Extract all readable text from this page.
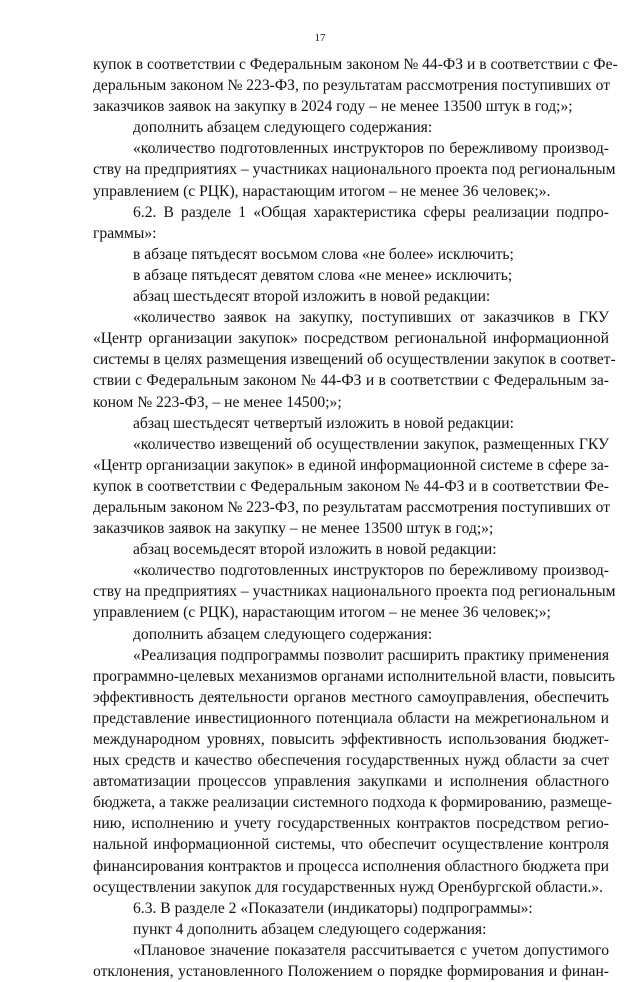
17
купок в соответствии с Федеральным законом № 44-ФЗ и в соответствии с Фе-
деральным законом № 223-ФЗ, по результатам рассмотрения поступивших от
заказчиков заявок на закупку в 2024 году – не менее 13500 штук в год;»;
дополнить абзацем следующего содержания:
«количество подготовленных инструкторов по бережливому производ-
ству на предприятиях – участниках национального проекта под региональным
управлением (с РЦК), нарастающим итогом – не менее 36 человек;».
6.2. В разделе 1 «Общая характеристика сферы реализации подпро-
граммы»:
в абзаце пятьдесят восьмом слова «не более» исключить;
в абзаце пятьдесят девятом слова «не менее» исключить;
абзац шестьдесят второй изложить в новой редакции:
«количество заявок на закупку, поступивших от заказчиков в ГКУ
«Центр организации закупок» посредством региональной информационной
системы в целях размещения извещений об осуществлении закупок в соответ-
ствии с Федеральным законом № 44-ФЗ и в соответствии с Федеральным за-
коном № 223-ФЗ, – не менее 14500;»;
абзац шестьдесят четвертый изложить в новой редакции:
«количество извещений об осуществлении закупок, размещенных ГКУ
«Центр организации закупок» в единой информационной системе в сфере за-
купок в соответствии с Федеральным законом № 44-ФЗ и в соответствии Фе-
деральным законом № 223-ФЗ, по результатам рассмотрения поступивших от
заказчиков заявок на закупку – не менее 13500 штук в год;»;
абзац восемьдесят второй изложить в новой редакции:
«количество подготовленных инструкторов по бережливому производ-
ству на предприятиях – участниках национального проекта под региональным
управлением (с РЦК), нарастающим итогом – не менее 36 человек;»;
дополнить абзацем следующего содержания:
«Реализация подпрограммы позволит расширить практику применения
программно-целевых механизмов органами исполнительной власти, повысить
эффективность деятельности органов местного самоуправления, обеспечить
представление инвестиционного потенциала области на межрегиональном и
международном уровнях, повысить эффективность использования бюджет-
ных средств и качество обеспечения государственных нужд области за счет
автоматизации процессов управления закупками и исполнения областного
бюджета, а также реализации системного подхода к формированию, размеще-
нию, исполнению и учету государственных контрактов посредством регио-
нальной информационной системы, что обеспечит осуществление контроля
финансирования контрактов и процесса исполнения областного бюджета при
осуществлении закупок для государственных нужд Оренбургской области.».
6.3. В разделе 2 «Показатели (индикаторы) подпрограммы»:
пункт 4 дополнить абзацем следующего содержания:
«Плановое значение показателя рассчитывается с учетом допустимого
отклонения, установленного Положением о порядке формирования и финан-
